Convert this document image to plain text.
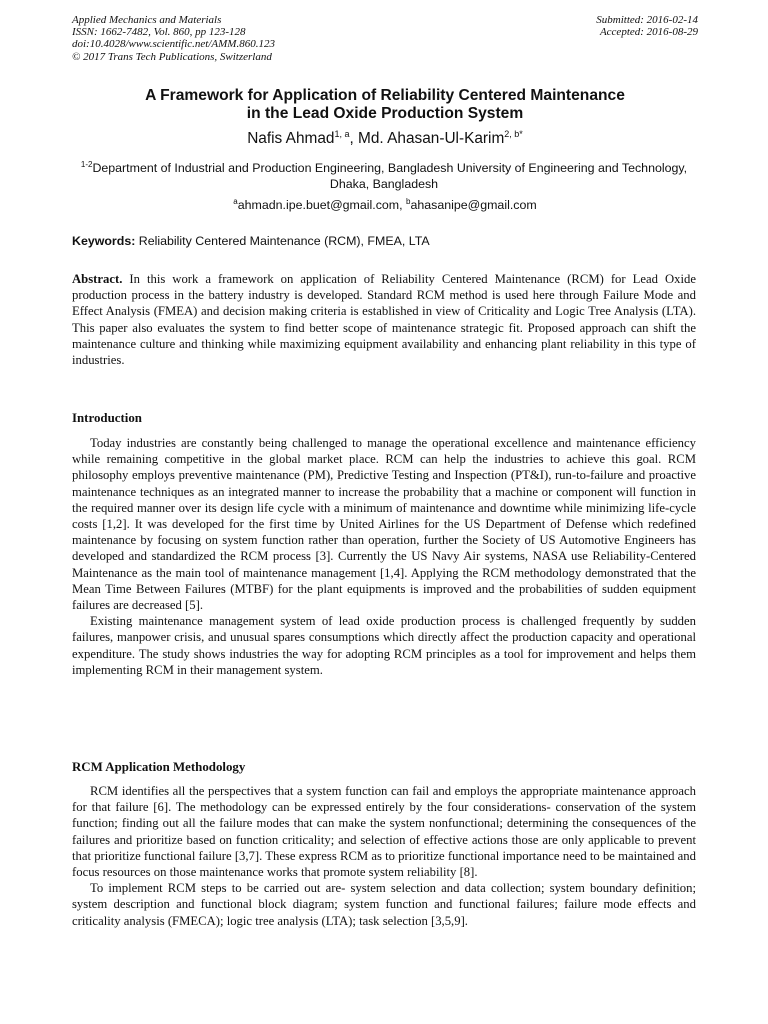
Applied Mechanics and Materials
ISSN: 1662-7482, Vol. 860, pp 123-128
doi:10.4028/www.scientific.net/AMM.860.123
© 2017 Trans Tech Publications, Switzerland
Submitted: 2016-02-14
Accepted: 2016-08-29
A Framework for Application of Reliability Centered Maintenance
in the Lead Oxide Production System
Nafis Ahmad$^{1, a}$, Md. Ahasan-Ul-Karim$^{2, b*}$
$^{1-2}$Department of Industrial and Production Engineering, Bangladesh University of Engineering and Technology, Dhaka, Bangladesh
$^a$ahmadn.ipe.buet@gmail.com, $^b$ahasanipe@gmail.com
Keywords: Reliability Centered Maintenance (RCM), FMEA, LTA

Abstract. In this work a framework on application of Reliability Centered Maintenance (RCM) for Lead Oxide production process in the battery industry is developed. Standard RCM method is used here through Failure Mode and Effect Analysis (FMEA) and decision making criteria is established in view of Criticality and Logic Tree Analysis (LTA). This paper also evaluates the system to find better scope of maintenance strategic fit. Proposed approach can shift the maintenance culture and thinking while maximizing equipment availability and enhancing plant reliability in this type of industries.

Introduction

Today industries are constantly being challenged to manage the operational excellence and maintenance efficiency while remaining competitive in the global market place. RCM can help the industries to achieve this goal. RCM philosophy employs preventive maintenance (PM), Predictive Testing and Inspection (PT&I), run-to-failure and proactive maintenance techniques as an integrated manner to increase the probability that a machine or component will function in the required manner over its design life cycle with a minimum of maintenance and downtime while minimizing life-cycle costs [1,2]. It was developed for the first time by United Airlines for the US Department of Defense which redefined maintenance by focusing on system function rather than operation, further the Society of US Automotive Engineers has developed and standardized the RCM process [3]. Currently the US Navy Air systems, NASA use Reliability-Centered Maintenance as the main tool of maintenance management [1,4]. Applying the RCM methodology demonstrated that the Mean Time Between Failures (MTBF) for the plant equipments is improved and the probabilities of sudden equipment failures are decreased [5].

Existing maintenance management system of lead oxide production process is challenged frequently by sudden failures, manpower crisis, and unusual spares consumptions which directly affect the production capacity and operational expenditure. The study shows industries the way for adopting RCM principles as a tool for improvement and helps them implementing RCM in their management system.

RCM Application Methodology

RCM identifies all the perspectives that a system function can fail and employs the appropriate maintenance approach for that failure [6]. The methodology can be expressed entirely by the four considerations- conservation of the system function; finding out all the failure modes that can make the system nonfunctional; determining the consequences of the failures and prioritize based on function criticality; and selection of effective actions those are only applicable to prevent that prioritize functional failure [3,7]. These express RCM as to prioritize functional importance need to be maintained and focus resources on those maintenance works that promote system reliability [8].

To implement RCM steps to be carried out are- system selection and data collection; system boundary definition; system description and functional block diagram; system function and functional failures; failure mode effects and criticality analysis (FMECA); logic tree analysis (LTA); task selection [3,5,9].
